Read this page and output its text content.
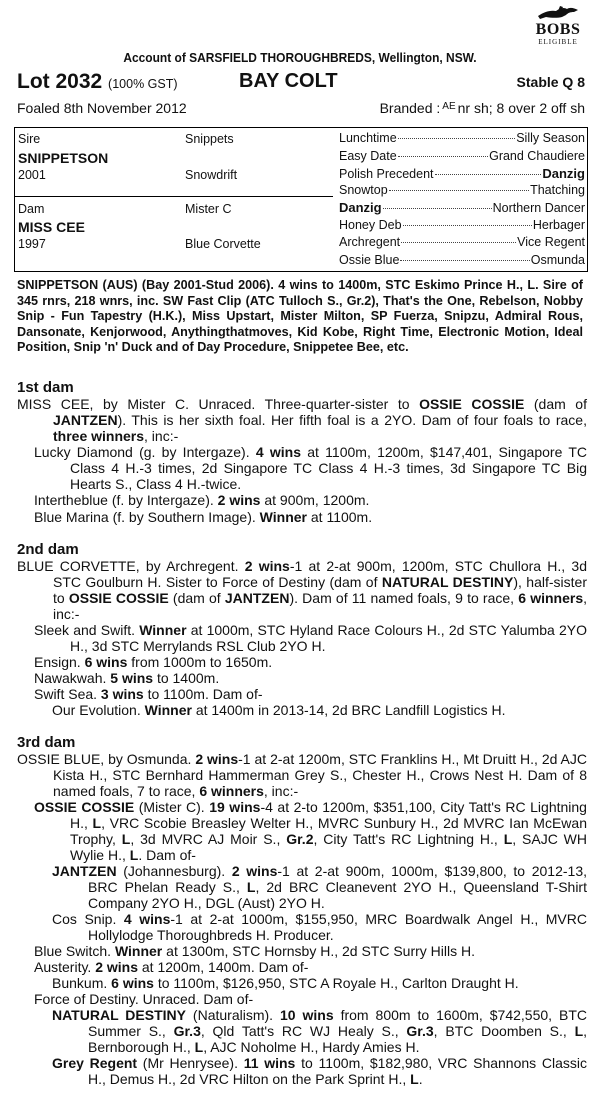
BOBS
ELIGIBLE
Account of SARSFIELD THOROUGHBREDS, Wellington, NSW.
Lot 2032 (100% GST)	BAY COLT	Stable Q 8
Foaled 8th November 2012	Branded : $^{AE}$ nr sh; 8 over 2 off sh
Sire	Snippets
SNIPPETSON
2001	Snowdrift
Dam	Mister C
MISS CEE
1997	Blue Corvette
Lunchtime	Silly Season
Easy Date	Grand Chaudiere
Polish Precedent	Danzig
Snowtop	Thatching
Danzig	Northern Dancer
Honey Deb	Herbager
Archregent	Vice Regent
Ossie Blue	Osmunda
SNIPPETSON (AUS) (Bay 2001-Stud 2006). 4 wins to 1400m, STC Eskimo Prince H., L. Sire of 345 rnrs, 218 wnrs, inc. SW Fast Clip (ATC Tulloch S., Gr.2), That's the One, Rebelson, Nobby Snip - Fun Tapestry (H.K.), Miss Upstart, Mister Milton, SP Fuerza, Snipzu, Admiral Rous, Dansonate, Kenjorwood, Anythingthatmoves, Kid Kobe, Right Time, Electronic Motion, Ideal Position, Snip 'n' Duck and of Day Procedure, Snippetee Bee, etc.
1st dam
MISS CEE, by Mister C. Unraced. Three-quarter-sister to OSSIE COSSIE (dam of JANTZEN). This is her sixth foal. Her fifth foal is a 2YO. Dam of four foals to race, three winners, inc:-
Lucky Diamond (g. by Intergaze). 4 wins at 1100m, 1200m, $147,401, Singapore TC Class 4 H.-3 times, 2d Singapore TC Class 4 H.-3 times, 3d Singapore TC Big Hearts S., Class 4 H.-twice.
Intertheblue (f. by Intergaze). 2 wins at 900m, 1200m.
Blue Marina (f. by Southern Image). Winner at 1100m.
2nd dam
BLUE CORVETTE, by Archregent. 2 wins-1 at 2-at 900m, 1200m, STC Chullora H., 3d STC Goulburn H. Sister to Force of Destiny (dam of NATURAL DESTINY), half-sister to OSSIE COSSIE (dam of JANTZEN). Dam of 11 named foals, 9 to race, 6 winners, inc:-
Sleek and Swift. Winner at 1000m, STC Hyland Race Colours H., 2d STC Yalumba 2YO H., 3d STC Merrylands RSL Club 2YO H.
Ensign. 6 wins from 1000m to 1650m.
Nawakwah. 5 wins to 1400m.
Swift Sea. 3 wins to 1100m. Dam of-
Our Evolution. Winner at 1400m in 2013-14, 2d BRC Landfill Logistics H.
3rd dam
OSSIE BLUE, by Osmunda. 2 wins-1 at 2-at 1200m, STC Franklins H., Mt Druitt H., 2d AJC Kista H., STC Bernhard Hammerman Grey S., Chester H., Crows Nest H. Dam of 8 named foals, 7 to race, 6 winners, inc:-
OSSIE COSSIE (Mister C). 19 wins-4 at 2-to 1200m, $351,100, City Tatt's RC Lightning H., L, VRC Scobie Breasley Welter H., MVRC Sunbury H., 2d MVRC Ian McEwan Trophy, L, 3d MVRC AJ Moir S., Gr.2, City Tatt's RC Lightning H., L, SAJC WH Wylie H., L. Dam of-
JANTZEN (Johannesburg). 2 wins-1 at 2-at 900m, 1000m, $139,800, to 2012-13, BRC Phelan Ready S., L, 2d BRC Cleanevent 2YO H., Queensland T-Shirt Company 2YO H., DGL (Aust) 2YO H.
Cos Snip. 4 wins-1 at 2-at 1000m, $155,950, MRC Boardwalk Angel H., MVRC Hollylodge Thoroughbreds H. Producer.
Blue Switch. Winner at 1300m, STC Hornsby H., 2d STC Surry Hills H.
Austerity. 2 wins at 1200m, 1400m. Dam of-
Bunkum. 6 wins to 1100m, $126,950, STC A Royale H., Carlton Draught H.
Force of Destiny. Unraced. Dam of-
NATURAL DESTINY (Naturalism). 10 wins from 800m to 1600m, $742,550, BTC Summer S., Gr.3, Qld Tatt's RC WJ Healy S., Gr.3, BTC Doomben S., L, Bernborough H., L, AJC Noholme H., Hardy Amies H.
Grey Regent (Mr Henrysee). 11 wins to 1100m, $182,980, VRC Shannons Classic H., Demus H., 2d VRC Hilton on the Park Sprint H., L.
